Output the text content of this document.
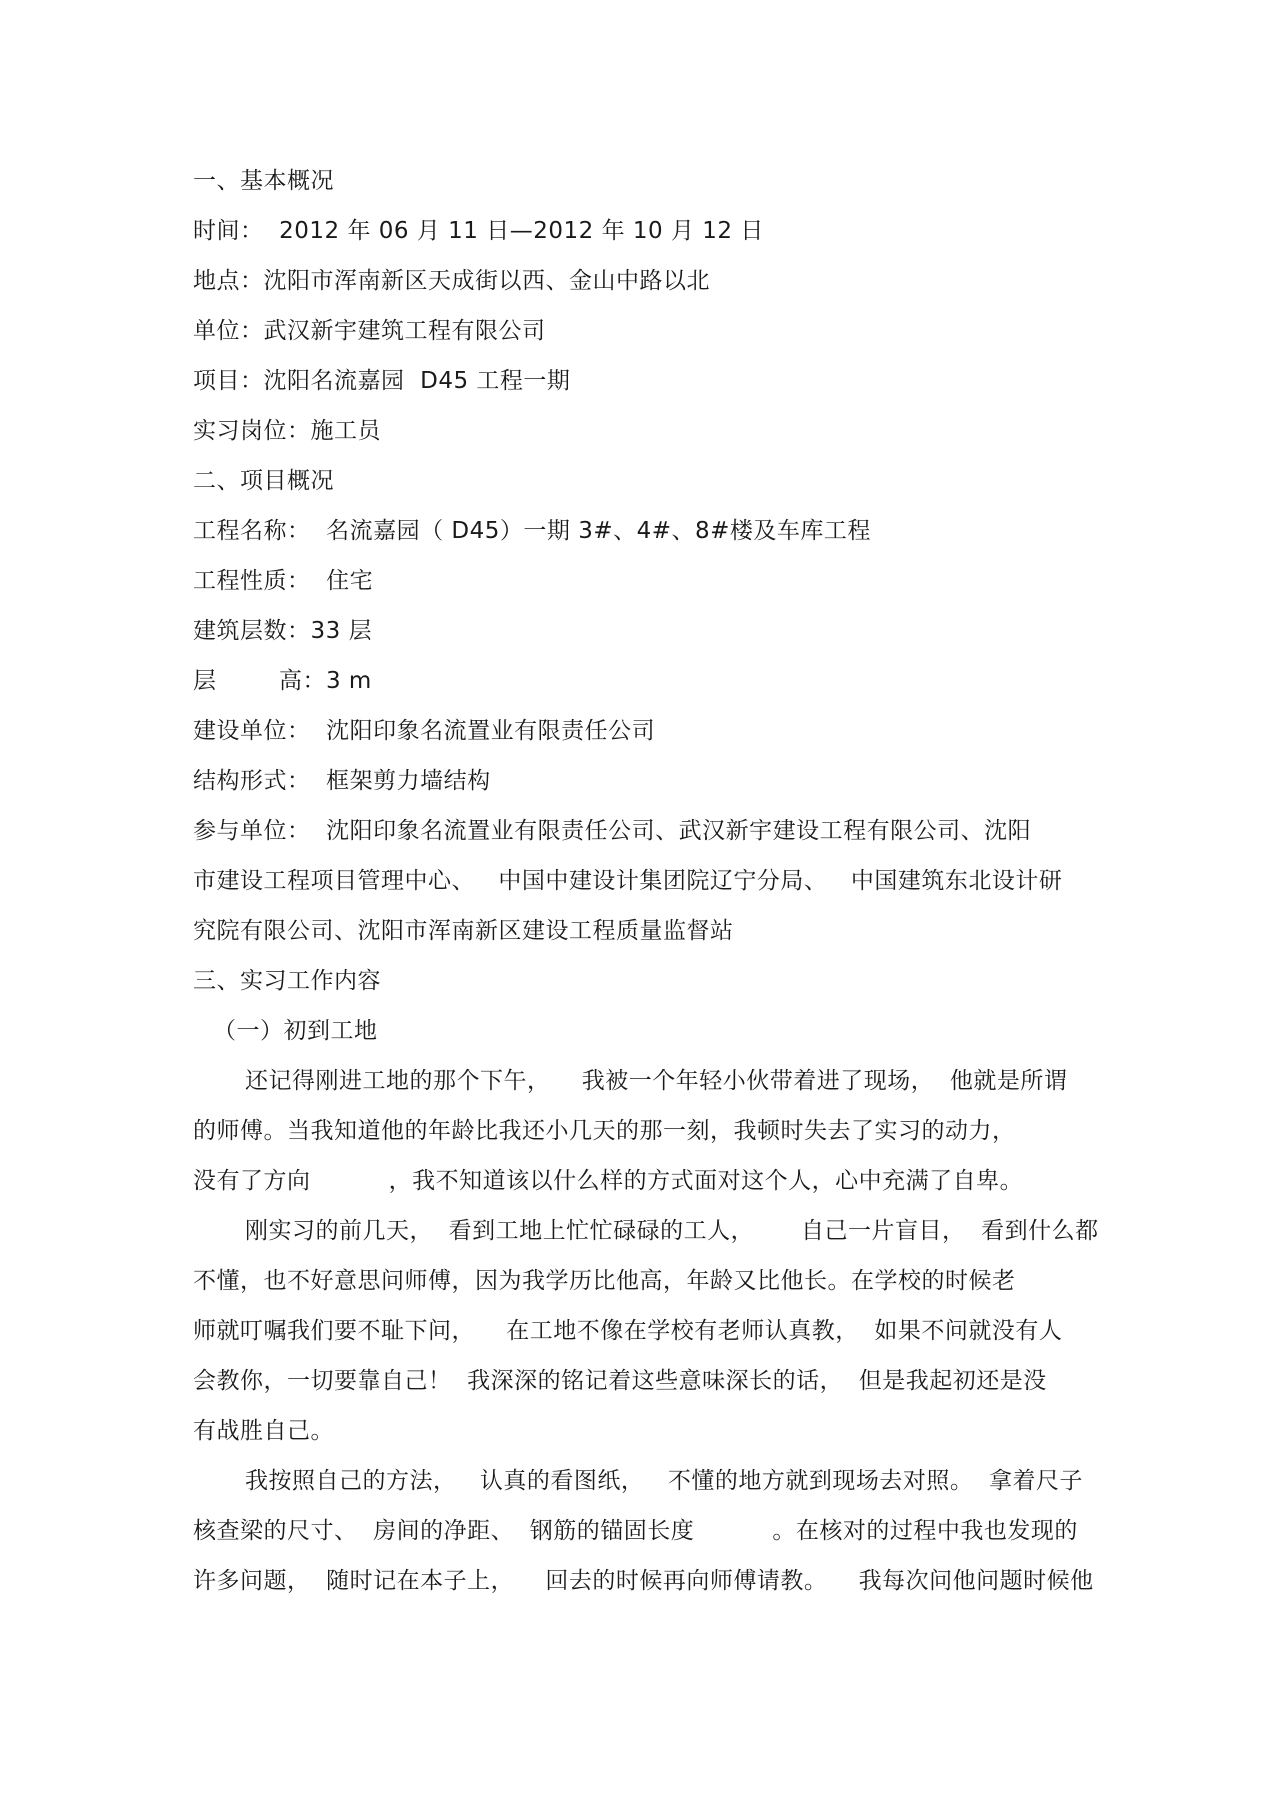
一、基本概况
时间：  2012 年 06 月 11 日—2012 年 10 月 12 日
地点：沈阳市浑南新区天成街以西、金山中路以北
单位：武汉新宇建筑工程有限公司
项目：沈阳名流嘉园  D45 工程一期
实习岗位：施工员
二、项目概况
工程名称：  名流嘉园（ D45）一期 3#、4#、8#楼及车库工程
工程性质：  住宅
建筑层数：33 层
层        高：3 m
建设单位：  沈阳印象名流置业有限责任公司
结构形式：  框架剪力墙结构
参与单位：  沈阳印象名流置业有限责任公司、武汉新宇建设工程有限公司、沈阳
市建设工程项目管理中心、   中国中建设计集团院辽宁分局、   中国建筑东北设计研
究院有限公司、沈阳市浑南新区建设工程质量监督站
三、实习工作内容
（一）初到工地
还记得刚进工地的那个下午，    我被一个年轻小伙带着进了现场，  他就是所谓
的师傅。当我知道他的年龄比我还小几天的那一刻，我顿时失去了实习的动力，
没有了方向          ，我不知道该以什么样的方式面对这个人，心中充满了自卑。
刚实习的前几天，  看到工地上忙忙碌碌的工人，      自己一片盲目，  看到什么都
不懂，也不好意思问师傅，因为我学历比他高，年龄又比他长。在学校的时候老
师就叮嘱我们要不耻下问，    在工地不像在学校有老师认真教，  如果不问就没有人
会教你，一切要靠自己！  我深深的铭记着这些意味深长的话，  但是我起初还是没
有战胜自己。
我按照自己的方法，   认真的看图纸，   不懂的地方就到现场去对照。  拿着尺子
核查梁的尺寸、  房间的净距、  钢筋的锚固长度          。在核对的过程中我也发现的
许多问题，  随时记在本子上，    回去的时候再向师傅请教。    我每次问他问题时候他
